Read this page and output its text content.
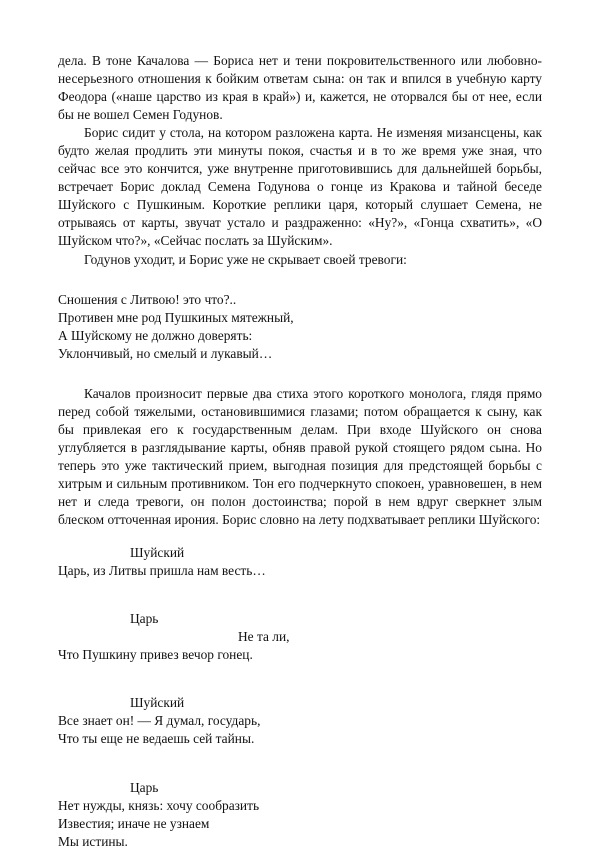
дела. В тоне Качалова — Бориса нет и тени покровительственного или любовно-несерьезного отношения к бойким ответам сына: он так и впился в учебную карту Феодора («наше царство из края в край») и, кажется, не оторвался бы от нее, если бы не вошел Семен Годунов.

Борис сидит у стола, на котором разложена карта. Не изменяя мизансцены, как будто желая продлить эти минуты покоя, счастья и в то же время уже зная, что сейчас все это кончится, уже внутренне приготовившись для дальнейшей борьбы, встречает Борис доклад Семена Годунова о гонце из Кракова и тайной беседе Шуйского с Пушкиным. Короткие реплики царя, который слушает Семена, не отрываясь от карты, звучат устало и раздраженно: «Ну?», «Гонца схватить», «О Шуйском что?», «Сейчас послать за Шуйским».

Годунов уходит, и Борис уже не скрывает своей тревоги:

Сношения с Литвою! это что?..
Противен мне род Пушкиных мятежный,
А Шуйскому не должно доверять:
Уклончивый, но смелый и лукавый…

Качалов произносит первые два стиха этого короткого монолога, глядя прямо перед собой тяжелыми, остановившимися глазами; потом обращается к сыну, как бы привлекая его к государственным делам. При входе Шуйского он снова углубляется в разглядывание карты, обняв правой рукой стоящего рядом сына. Но теперь это уже тактический прием, выгодная позиция для предстоящей борьбы с хитрым и сильным противником. Тон его подчеркнуто спокоен, уравновешен, в нем нет и следа тревоги, он полон достоинства; порой в нем вдруг сверкнет злым блеском отточенная ирония. Борис словно на лету подхватывает реплики Шуйского:

Шуйский
Царь, из Литвы пришла нам весть…
Царь
Не та ли,
Что Пушкину привез вечор гонец.
Шуйский
Все знает он! — Я думал, государь,
Что ты еще не ведаешь сей тайны.
Царь
Нет нужды, князь: хочу сообразить
Известия; иначе не узнаем
Мы истины.
